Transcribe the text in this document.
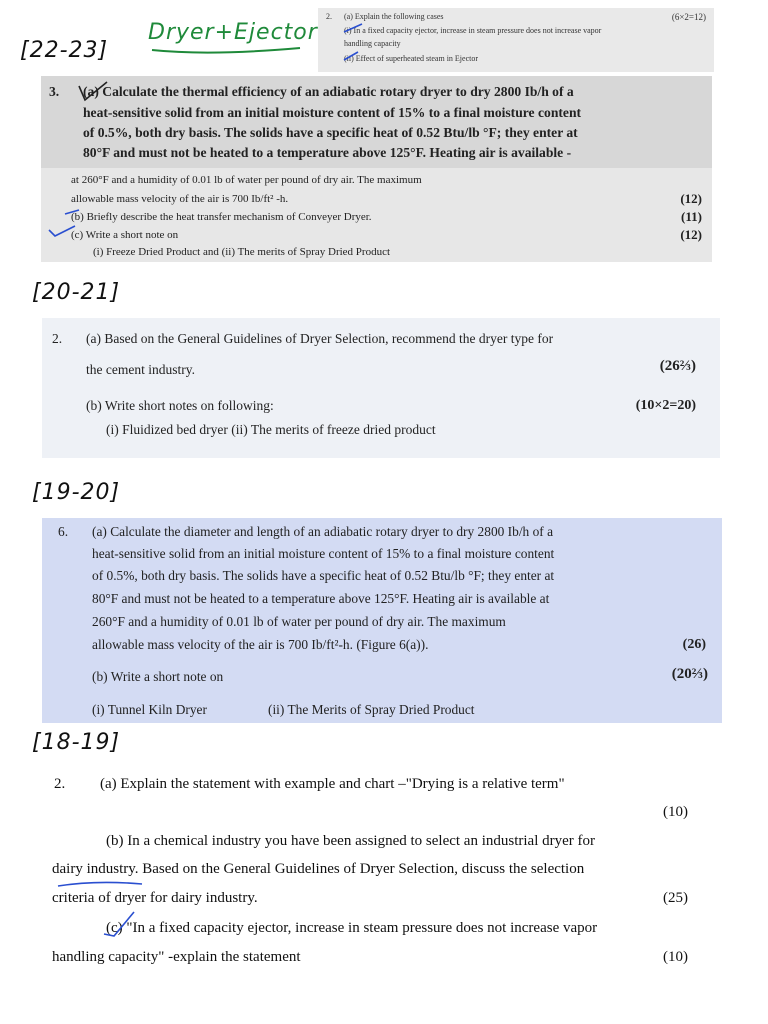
[22-23]
Dryer+Ejector
2. (a) Explain the following cases	(6×2=12)
(i) In a fixed capacity ejector, increase in steam pressure does not increase vapor
handling capacity
(ii) Effect of superheated steam in Ejector
3. (a) Calculate the thermal efficiency of an adiabatic rotary dryer to dry 2800 Ib/h of a
heat-sensitive solid from an initial moisture content of 15% to a final moisture content
of 0.5%, both dry basis. The solids have a specific heat of 0.52 Btu/lb °F; they enter at
80°F and must not be heated to a temperature above 125°F. Heating air is available -
at 260°F and a humidity of 0.01 lb of water per pound of dry air. The maximum
allowable mass velocity of the air is 700 Ib/ft² -h.	(12)
(b) Briefly describe the heat transfer mechanism of Conveyer Dryer.	(11)
(c) Write a short note on	(12)
(i) Freeze Dried Product and (ii) The merits of Spray Dried Product
[20-21]
2. (a) Based on the General Guidelines of Dryer Selection, recommend the dryer type for
the cement industry.	(26⅔)
(b) Write short notes on following:	(10×2=20)
(i) Fluidized bed dryer (ii) The merits of freeze dried product
[19-20]
6. (a) Calculate the diameter and length of an adiabatic rotary dryer to dry 2800 Ib/h of a
heat-sensitive solid from an initial moisture content of 15% to a final moisture content
of 0.5%, both dry basis. The solids have a specific heat of 0.52 Btu/lb °F; they enter at
80°F and must not be heated to a temperature above 125°F. Heating air is available at
260°F and a humidity of 0.01 lb of water per pound of dry air. The maximum
allowable mass velocity of the air is 700 Ib/ft²-h. (Figure 6(a)).	(26)
(b) Write a short note on	(20⅔)
(i) Tunnel Kiln Dryer	(ii) The Merits of Spray Dried Product
[18-19]
2. (a) Explain the statement with example and chart –"Drying is a relative term"
(10)
(b) In a chemical industry you have been assigned to select an industrial dryer for
dairy industry. Based on the General Guidelines of Dryer Selection, discuss the selection
criteria of dryer for dairy industry.	(25)
(c) "In a fixed capacity ejector, increase in steam pressure does not increase vapor
handling capacity" -explain the statement	(10)
